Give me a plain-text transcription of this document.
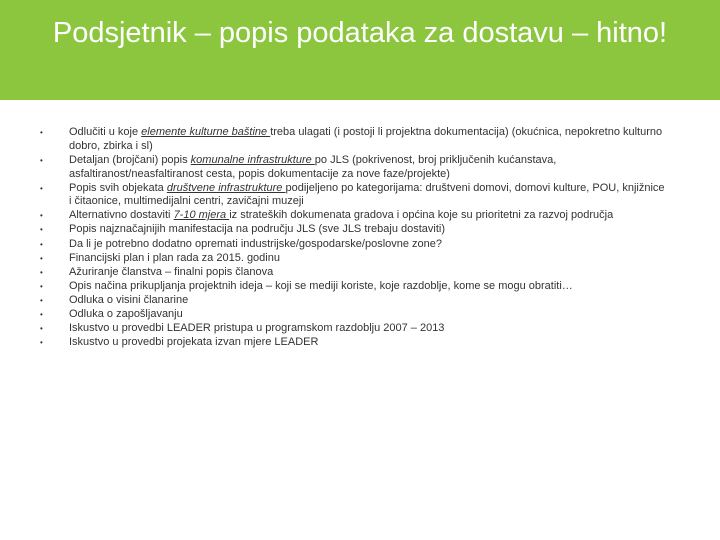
Podsjetnik – popis podataka za dostavu – hitno!
•	Odlučiti u koje elemente kulturne baštine treba ulagati (i postoji li projektna dokumentacija) (okućnica, nepokretno kulturno dobro, zbirka i sl)
•	Detaljan (brojčani) popis komunalne infrastrukture po JLS (pokrivenost, broj priključenih kućanstava, asfaltiranost/neasfaltiranost cesta, popis dokumentacije za nove faze/projekte)
•	Popis svih objekata društvene infrastrukture podijeljeno po kategorijama: društveni domovi, domovi kulture, POU, knjižnice i čitaonice, multimedijalni centri, zavičajni muzeji
•	Alternativno dostaviti 7-10 mjera iz strateških dokumenata gradova i općina koje su prioritetni za razvoj područja
•	Popis najznačajnijih manifestacija na području JLS (sve JLS trebaju dostaviti)
•	Da li je potrebno dodatno opremati industrijske/gospodarske/poslovne zone?
•	Financijski plan i plan rada za 2015. godinu
•	Ažuriranje članstva – finalni popis članova
•	Opis načina prikupljanja projektnih ideja – koji se mediji koriste, koje razdoblje, kome se mogu obratiti…
•	Odluka o visini članarine
•	Odluka o zapošljavanju
•	Iskustvo u provedbi LEADER pristupa u programskom razdoblju 2007 – 2013
•	Iskustvo u provedbi projekata izvan mjere LEADER
